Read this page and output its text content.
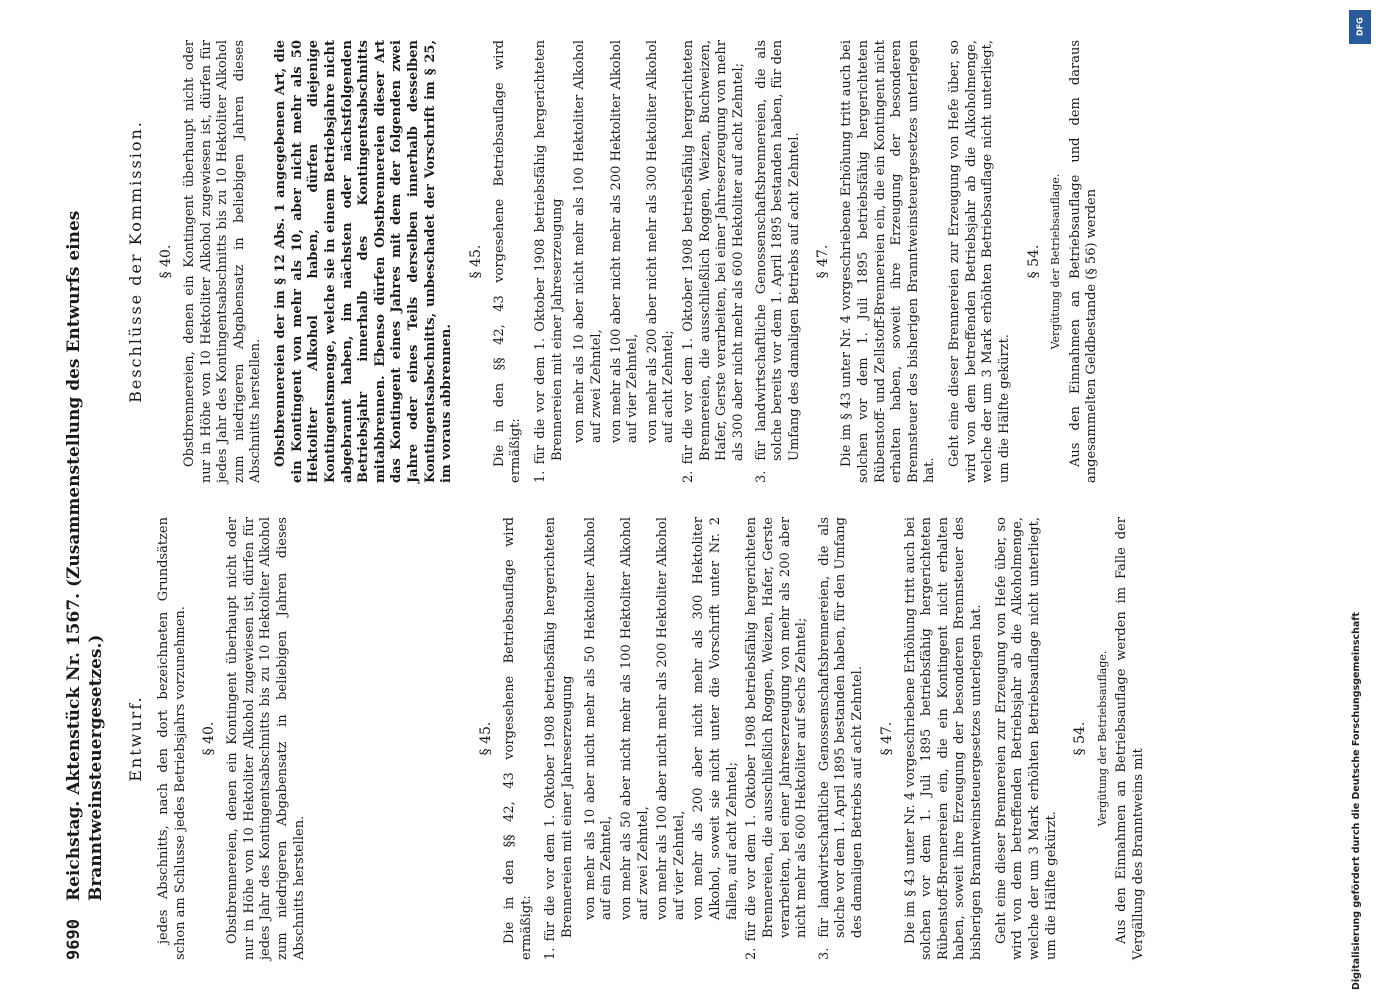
9690
Reichstag. Aktenstück Nr. 1567. (Zusammenstellung des Entwurfs eines Branntweinsteuergesetzes.) Entwurf. jedes Abschnitts, nach den dort bezeichneten Grundsätzen schon am Schlusse jedes Betriebsjahrs vorzunehmen. § 40. Obstbrennereien, denen ein Kontingent überhaupt nicht oder nur in Höhe von 10 Hektoliter Alkohol zugewiesen ist, dürfen für jedes Jahr des Kontingentsabschnitts bis zu 10 Hektoliter Alkohol zum niedrigeren Abgabensatz in beliebigen Jahren dieses Abschnitts herstellen.

§ 45. Die in den §§ 42, 43 vorgesehene Betriebsauflage wird ermäßigt: 1. für die vor dem 1. Oktober 1908 betriebsfähig hergerichteten Brennereien mit einer Jahreserzeugung von mehr als 10 aber nicht mehr als 50 Hektoliter Alkohol auf ein Zehntel, von mehr als 50 aber nicht mehr als 100 Hektoliter Alkohol auf zwei Zehntel, von mehr als 100 aber nicht mehr als 200 Hektoliter Alkohol auf vier Zehntel, von mehr als 200 aber nicht mehr als 300 Hektoliter Alkohol, soweit sie nicht unter die Vorschrift unter Nr. 2 fallen, auf acht Zehntel; 2. für die vor dem 1. Oktober 1908 betriebsfähig hergerichteten Brennereien, die ausschließlich Roggen, Weizen, Hafer, Gerste verarbeiten, bei einer Jahreserzeugung von mehr als 200 aber nicht mehr als 600 Hektoliter auf sechs Zehntel; 3. für landwirtschaftliche Genossenschaftsbrennereien, die als solche vor dem 1. April 1895 bestanden haben, für den Umfang des damaligen Betriebs auf acht Zehntel. § 47. Die im § 43 unter Nr. 4 vorgeschriebene Erhöhung tritt auch bei solchen vor dem 1. Juli 1895 betriebsfähig hergerichteten Rübenstoff-Brennereien ein, die ein Kontingent nicht erhalten haben, soweit ihre Erzeugung der besonderen Brennsteuer des bisherigen Branntweinsteuergesetzes unterlegen hat. Geht eine dieser Brennereien zur Erzeugung von Hefe über, so wird von dem betreffenden Betriebsjahr ab die Alkoholmenge, welche der um 3 Mark erhöhten Betriebsauflage nicht unterliegt, um die Hälfte gekürzt.

§ 54. Vergütung der Betriebsauflage. Aus den Einnahmen an Betriebsauflage werden im Falle der Vergällung des Branntweins mit

Beschlüsse der Kommission. § 40. Obstbrennereien, denen ein Kontingent überhaupt nicht oder nur in Höhe von 10 Hektoliter Alkohol zugewiesen ist, dürfen für jedes Jahr des Kontingentsabschnitts bis zu 10 Hektoliter Alkohol zum niedrigeren Abgabensatz in beliebigen Jahren dieses Abschnitts herstellen. Obstbrennereien der im § 12 Abs. 1 angegebenen Art, die ein Kontingent von mehr als 10, aber nicht mehr als 50 Hektoliter Alkohol haben, dürfen diejenige Kontingentsmenge, welche sie in einem Betriebsjahre nicht abgebrannt haben, im nächsten oder nächstfolgenden Betriebsjahr innerhalb des Kontingentsabschnitts mitabbrennen. Ebenso dürfen Obstbrennereien dieser Art das Kontingent eines Jahres mit dem der folgenden zwei Jahre oder eines Teils derselben innerhalb desselben Kontingentsabschnitts, unbeschadet der Vorschrift im § 25, im voraus abbrennen.

§ 45. Die in den §§ 42, 43 vorgesehene Betriebsauflage wird ermäßigt: 1. für die vor dem 1. Oktober 1908 betriebsfähig hergerichteten Brennereien mit einer Jahreserzeugung von mehr als 10 aber nicht mehr als 100 Hektoliter Alkohol auf zwei Zehntel, von mehr als 100 aber nicht mehr als 200 Hektoliter Alkohol auf vier Zehntel, von mehr als 200 aber nicht mehr als 300 Hektoliter Alkohol auf acht Zehntel; 2. für die vor dem 1. Oktober 1908 betriebsfähig hergerichteten Brennereien, die ausschließlich Roggen, Weizen, Buchweizen, Hafer, Gerste verarbeiten, bei einer Jahreserzeugung von mehr als 300 aber nicht mehr als 600 Hektoliter auf acht Zehntel; 3. für landwirtschaftliche Genossenschaftsbrennereien, die als solche bereits vor dem 1. April 1895 bestanden haben, für den Umfang des damaligen Betriebs auf acht Zehntel. § 47. Die im § 43 unter Nr. 4 vorgeschriebene Erhöhung tritt auch bei solchen vor dem 1. Juli 1895 betriebsfähig hergerichteten Rübenstoff- und Zellstoff-Brennereien ein, die ein Kontingent nicht erhalten haben, soweit ihre Erzeugung der besonderen Brennsteuer des bisherigen Branntweinsteuergesetzes unterlegen hat.

Geht eine dieser Brennereien zur Erzeugung von Hefe über, so wird von dem betreffenden Betriebsjahr ab die Alkoholmenge, welche der um 3 Mark erhöhten Betriebsauflage nicht unterliegt, um die Hälfte gekürzt.

§ 54. Vergütung der Betriebsauflage. Aus den Einnahmen an Betriebsauflage und dem daraus angesammelten Geldbestande (§ 56) werden

DFG
Digitalisierung gefördert durch die Deutsche Forschungsgemeinschaft
